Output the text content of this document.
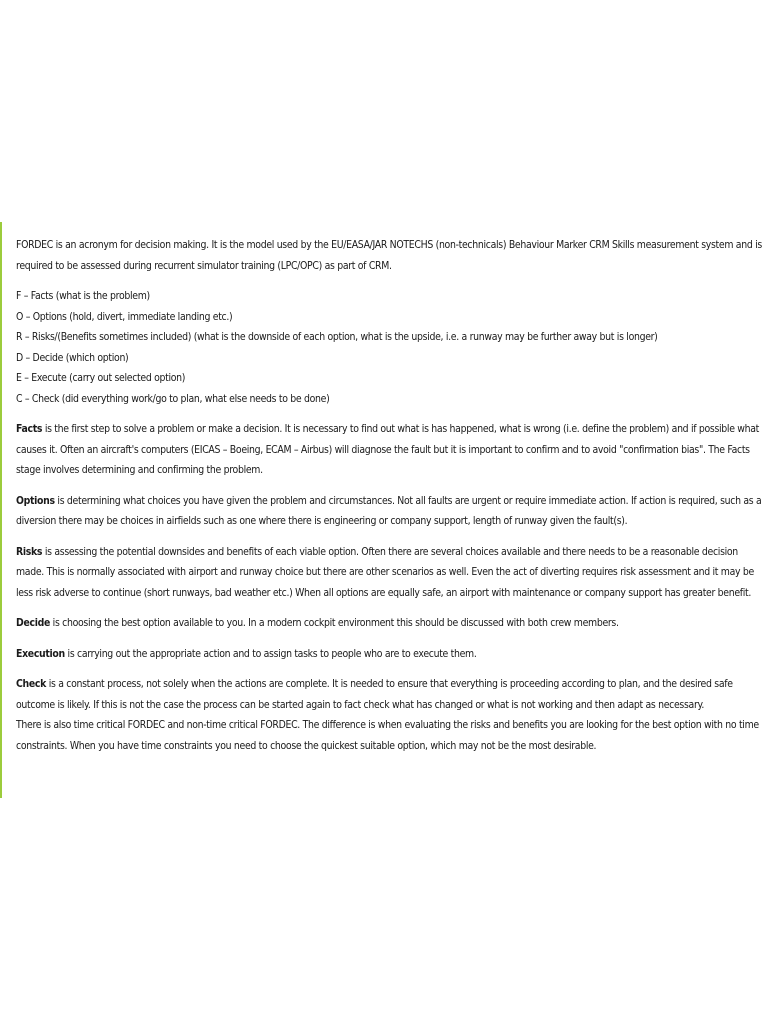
FORDEC is an acronym for decision making. It is the model used by the EU/EASA/JAR NOTECHS (non-technicals) Behaviour Marker CRM Skills measurement system and is required to be assessed during recurrent simulator training (LPC/OPC) as part of CRM.

F – Facts (what is the problem)

O – Options (hold, divert, immediate landing etc.)

R – Risks/(Benefits sometimes included) (what is the downside of each option, what is the upside, i.e. a runway may be further away but is longer)

D – Decide (which option)

E – Execute (carry out selected option)

C – Check (did everything work/go to plan, what else needs to be done)

Facts is the first step to solve a problem or make a decision. It is necessary to find out what is has happened, what is wrong (i.e. define the problem) and if possible what causes it. Often an aircraft's computers (EICAS – Boeing, ECAM – Airbus) will diagnose the fault but it is important to confirm and to avoid "confirmation bias". The Facts stage involves determining and confirming the problem.

Options is determining what choices you have given the problem and circumstances. Not all faults are urgent or require immediate action. If action is required, such as a diversion there may be choices in airfields such as one where there is engineering or company support, length of runway given the fault(s).

Risks is assessing the potential downsides and benefits of each viable option. Often there are several choices available and there needs to be a reasonable decision made. This is normally associated with airport and runway choice but there are other scenarios as well. Even the act of diverting requires risk assessment and it may be less risk adverse to continue (short runways, bad weather etc.) When all options are equally safe, an airport with maintenance or company support has greater benefit.

Decide is choosing the best option available to you. In a modern cockpit environment this should be discussed with both crew members.

Execution is carrying out the appropriate action and to assign tasks to people who are to execute them.

Check is a constant process, not solely when the actions are complete. It is needed to ensure that everything is proceeding according to plan, and the desired safe outcome is likely. If this is not the case the process can be started again to fact check what has changed or what is not working and then adapt as necessary.

There is also time critical FORDEC and non-time critical FORDEC. The difference is when evaluating the risks and benefits you are looking for the best option with no time constraints. When you have time constraints you need to choose the quickest suitable option, which may not be the most desirable.
